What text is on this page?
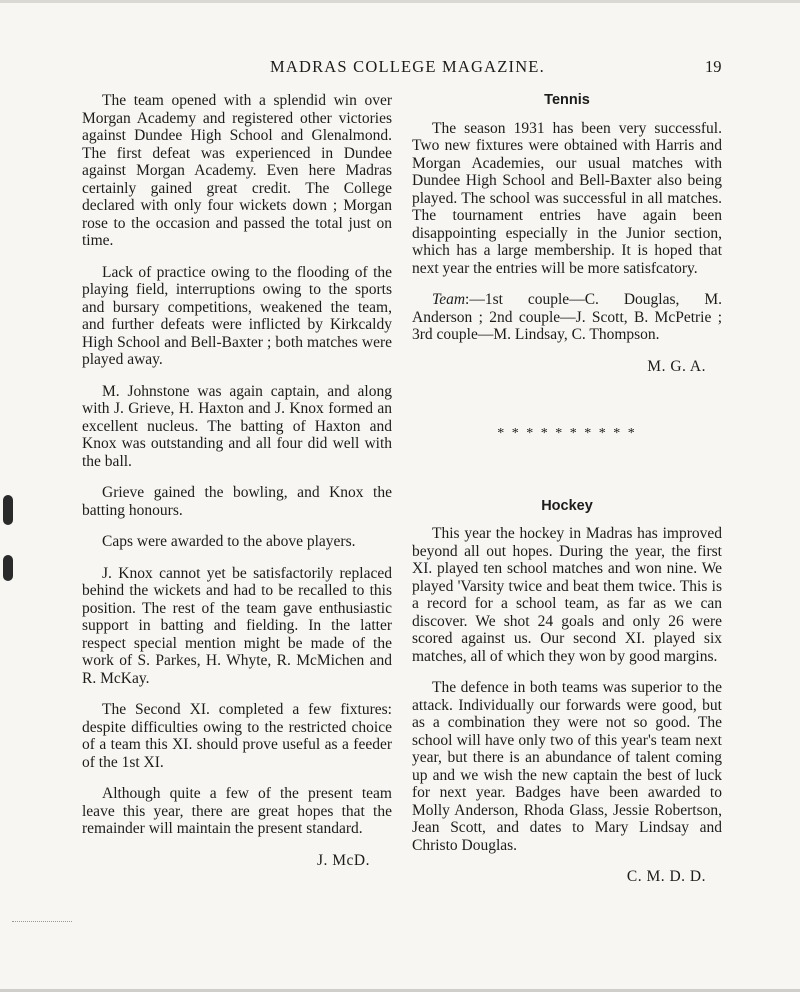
MADRAS COLLEGE MAGAZINE.	19

The team opened with a splendid win over Morgan Academy and registered other victories against Dundee High School and Glenalmond. The first defeat was experienced in Dundee against Morgan Academy. Even here Madras certainly gained great credit. The College declared with only four wickets down ; Morgan rose to the occasion and passed the total just on time.

Lack of practice owing to the flooding of the playing field, interruptions owing to the sports and bursary competitions, weakened the team, and further defeats were inflicted by Kirkcaldy High School and Bell-Baxter ; both matches were played away.

M. Johnstone was again captain, and along with J. Grieve, H. Haxton and J. Knox formed an excellent nucleus. The batting of Haxton and Knox was outstanding and all four did well with the ball.

Grieve gained the bowling, and Knox the batting honours.

Caps were awarded to the above players.

J. Knox cannot yet be satisfactorily replaced behind the wickets and had to be recalled to this position. The rest of the team gave enthusiastic support in batting and fielding. In the latter respect special mention might be made of the work of S. Parkes, H. Whyte, R. McMichen and R. McKay.

The Second XI. completed a few fixtures: despite difficulties owing to the restricted choice of a team this XI. should prove useful as a feeder of the 1st XI.

Although quite a few of the present team leave this year, there are great hopes that the remainder will maintain the present standard.

J. McD.
Tennis

The season 1931 has been very successful. Two new fixtures were obtained with Harris and Morgan Academies, our usual matches with Dundee High School and Bell-Baxter also being played. The school was successful in all matches. The tournament entries have again been disappointing especially in the Junior section, which has a large membership. It is hoped that next year the entries will be more satisfcatory.

Team:—1st couple—C. Douglas, M. Anderson ; 2nd couple—J. Scott, B. McPetrie ; 3rd couple—M. Lindsay, C. Thompson.

M. G. A.
* * * * * * * * * *
Hockey

This year the hockey in Madras has improved beyond all out hopes. During the year, the first XI. played ten school matches and won nine. We played 'Varsity twice and beat them twice. This is a record for a school team, as far as we can discover. We shot 24 goals and only 26 were scored against us. Our second XI. played six matches, all of which they won by good margins.

The defence in both teams was superior to the attack. Individually our forwards were good, but as a combination they were not so good. The school will have only two of this year's team next year, but there is an abundance of talent coming up and we wish the new captain the best of luck for next year. Badges have been awarded to Molly Anderson, Rhoda Glass, Jessie Robertson, Jean Scott, and dates to Mary Lindsay and Christo Douglas.

C. M. D. D.
